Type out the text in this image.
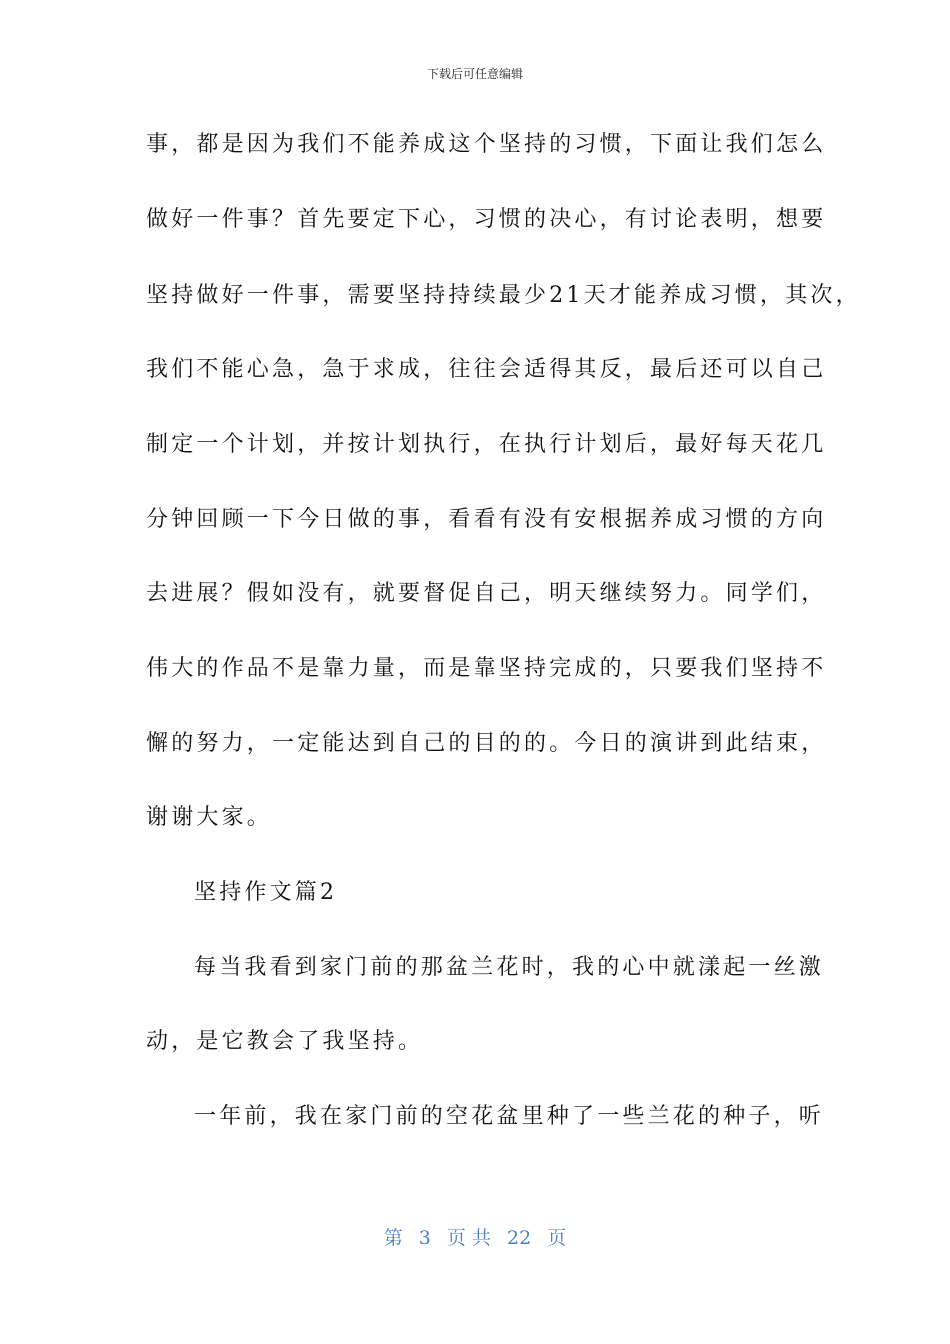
下载后可任意编辑
事，都是因为我们不能养成这个坚持的习惯，下面让我们怎么
做好一件事？首先要定下心，习惯的决心，有讨论表明，想要
坚持做好一件事，需要坚持持续最少21天才能养成习惯，其次，
我们不能心急，急于求成，往往会适得其反，最后还可以自己
制定一个计划，并按计划执行，在执行计划后，最好每天花几
分钟回顾一下今日做的事，看看有没有安根据养成习惯的方向
去进展？假如没有，就要督促自己，明天继续努力。同学们，
伟大的作品不是靠力量，而是靠坚持完成的，只要我们坚持不
懈的努力，一定能达到自己的目的的。今日的演讲到此结束，
谢谢大家。
坚持作文篇2
每当我看到家门前的那盆兰花时，我的心中就漾起一丝激
动，是它教会了我坚持。
一年前，我在家门前的空花盆里种了一些兰花的种子，听
第 3 页 共 22 页
